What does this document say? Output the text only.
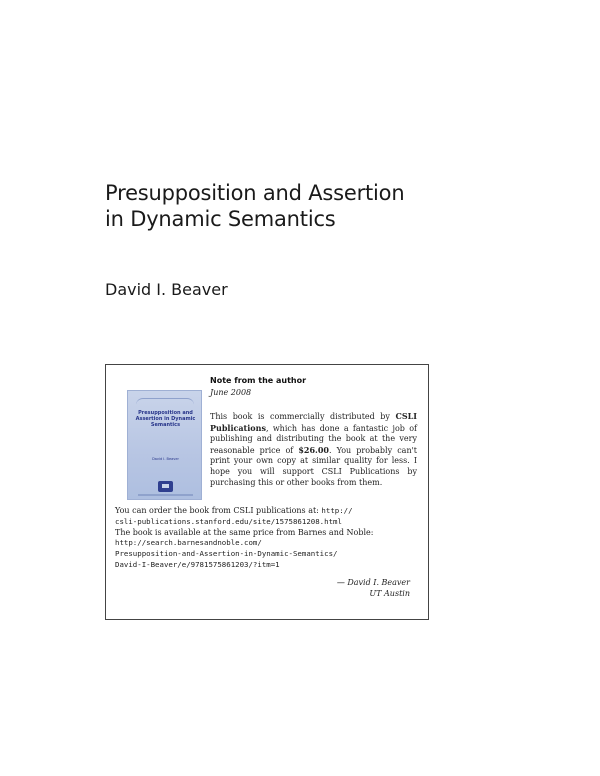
Presupposition and Assertion
in Dynamic Semantics
David I. Beaver
Presupposition and Assertion in Dynamic Semantics
David I. Beaver
Note from the author
June 2008
This book is commercially distributed by CSLI Publications, which has done a fantastic job of publishing and distributing the book at the very reasonable price of $26.00. You probably can't print your own copy at similar quality for less. I hope you will support CSLI Publications by purchasing this or other books from them.
You can order the book from CSLI publications at: http://
csli-publications.stanford.edu/site/1575861208.html
The book is available at the same price from Barnes and Noble:
http://search.barnesandnoble.com/
Presupposition-and-Assertion-in-Dynamic-Semantics/
David-I-Beaver/e/9781575861203/?itm=1
— David I. Beaver
UT Austin
